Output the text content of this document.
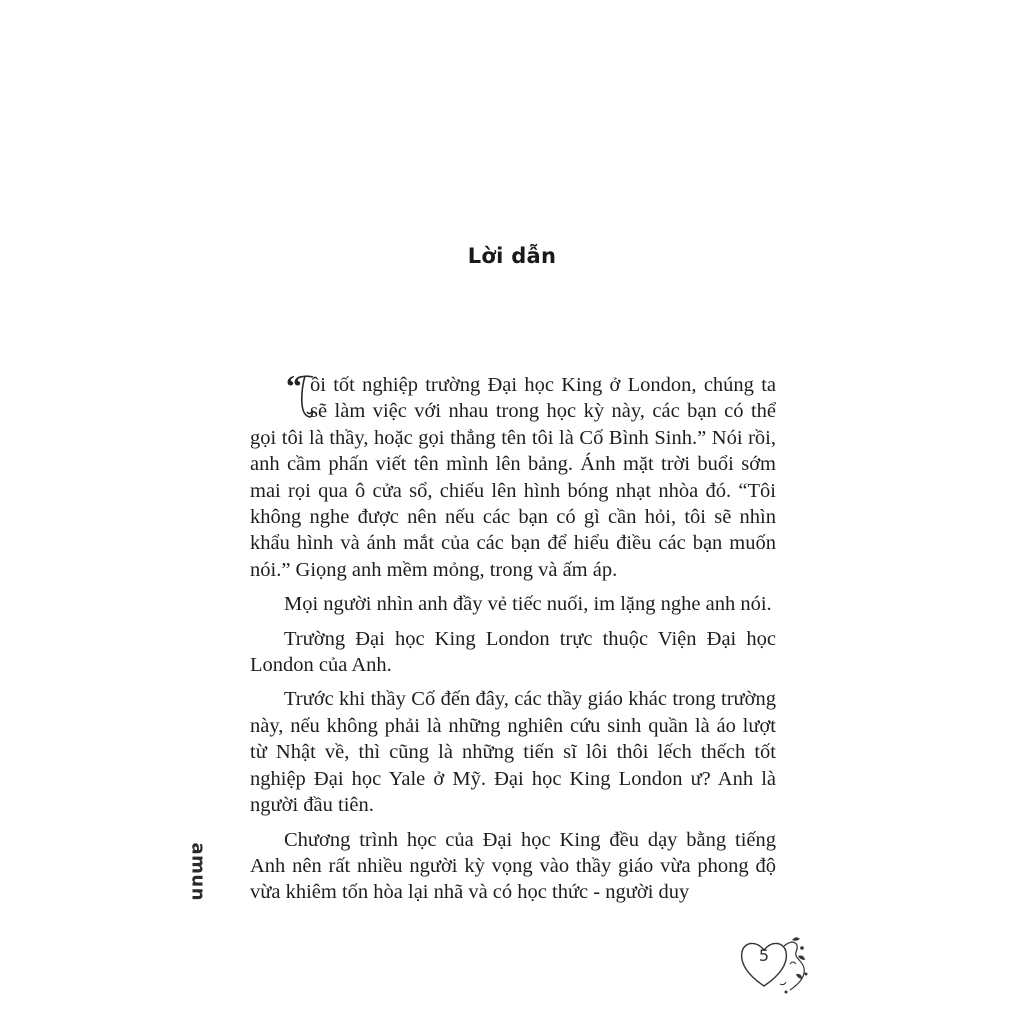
Lời dẫn

“ ôi tốt nghiệp trường Đại học King ở London, chúng ta sẽ làm việc với nhau trong học kỳ này, các bạn có thể gọi tôi là thầy, hoặc gọi thẳng tên tôi là Cố Bình Sinh.” Nói rồi, anh cầm phấn viết tên mình lên bảng. Ánh mặt trời buổi sớm mai rọi qua ô cửa sổ, chiếu lên hình bóng nhạt nhòa đó. “Tôi không nghe được nên nếu các bạn có gì cần hỏi, tôi sẽ nhìn khẩu hình và ánh mắt của các bạn để hiểu điều các bạn muốn nói.” Giọng anh mềm mỏng, trong và ấm áp.

Mọi người nhìn anh đầy vẻ tiếc nuối, im lặng nghe anh nói.

Trường Đại học King London trực thuộc Viện Đại học London của Anh.

Trước khi thầy Cố đến đây, các thầy giáo khác trong trường này, nếu không phải là những nghiên cứu sinh quần là áo lượt từ Nhật về, thì cũng là những tiến sĩ lôi thôi lếch thếch tốt nghiệp Đại học Yale ở Mỹ. Đại học King London ư? Anh là người đầu tiên.

Chương trình học của Đại học King đều dạy bằng tiếng Anh nên rất nhiều người kỳ vọng vào thầy giáo vừa phong độ vừa khiêm tốn hòa lại nhã và có học thức - người duy

amun
5
